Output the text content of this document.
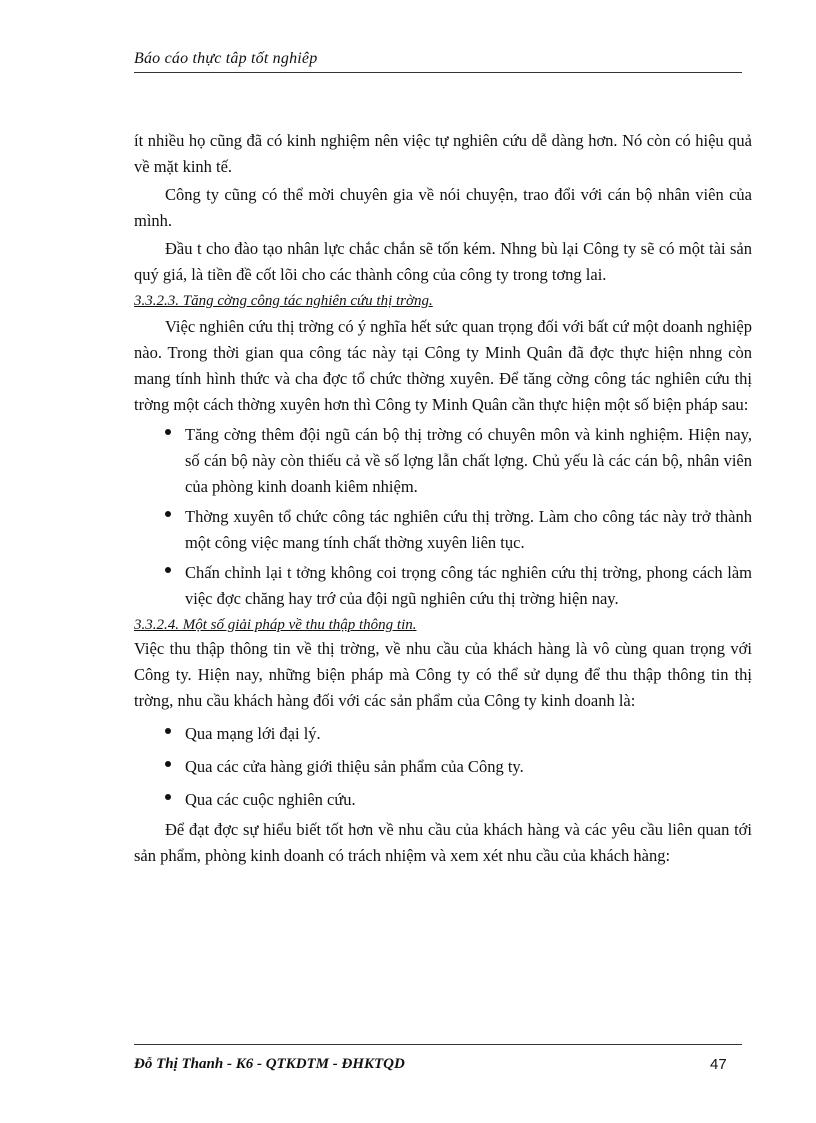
Báo cáo thực tâp tốt nghiêp

ít nhiều họ cũng đã có kinh nghiệm nên việc tự nghiên cứu dễ dàng hơn. Nó còn có hiệu quả về mặt kinh tế.

Công ty cũng có thể mời chuyên gia về nói chuyện, trao đổi với cán bộ nhân viên của mình.

Đầu t cho đào tạo nhân lực chắc chắn sẽ tốn kém. Nhng bù lại Công ty sẽ có một tài sản quý giá, là tiền đề cốt lõi cho các thành công của công ty trong tơng lai.

3.3.2.3. Tăng cờng công tác nghiên cứu thị trờng.

Việc nghiên cứu thị trờng có ý nghĩa hết sức quan trọng đối với bất cứ một doanh nghiệp nào. Trong thời gian qua công tác này tại Công ty Minh Quân đã đợc thực hiện nhng còn mang tính hình thức và cha đợc tổ chức thờng xuyên. Để tăng cờng công tác nghiên cứu thị trờng một cách thờng xuyên hơn thì Công ty Minh Quân cần thực hiện một số biện pháp sau:

Tăng cờng thêm đội ngũ cán bộ thị trờng có chuyên môn và kinh nghiệm. Hiện nay, số cán bộ này còn thiếu cả về số lợng lẫn chất lợng. Chủ yếu là các cán bộ, nhân viên của phòng kinh doanh kiêm nhiệm.
Thờng xuyên tổ chức công tác nghiên cứu thị trờng. Làm cho công tác này trở thành một công việc mang tính chất thờng xuyên liên tục.
Chấn chỉnh lại t tởng không coi trọng công tác nghiên cứu thị trờng, phong cách làm việc đợc chăng hay trớ của đội ngũ nghiên cứu thị trờng hiện nay.

3.3.2.4. Một số giải pháp về thu thập thông tin.

Việc thu thập thông tin về thị trờng, về nhu cầu của khách hàng là vô cùng quan trọng với Công ty. Hiện nay, những biện pháp mà Công ty có thể sử dụng để thu thập thông tin thị trờng, nhu cầu khách hàng đối với các sản phẩm của Công ty kinh doanh là:

Qua mạng lới đại lý.
Qua các cửa hàng giới thiệu sản phẩm của Công ty.
Qua các cuộc nghiên cứu.

Để đạt đợc sự hiểu biết tốt hơn về nhu cầu của khách hàng và các yêu cầu liên quan tới sản phẩm, phòng kinh doanh có trách nhiệm và xem xét nhu cầu của khách hàng:

Đỗ Thị Thanh - K6 - QTKDTM - ĐHKTQD	47
